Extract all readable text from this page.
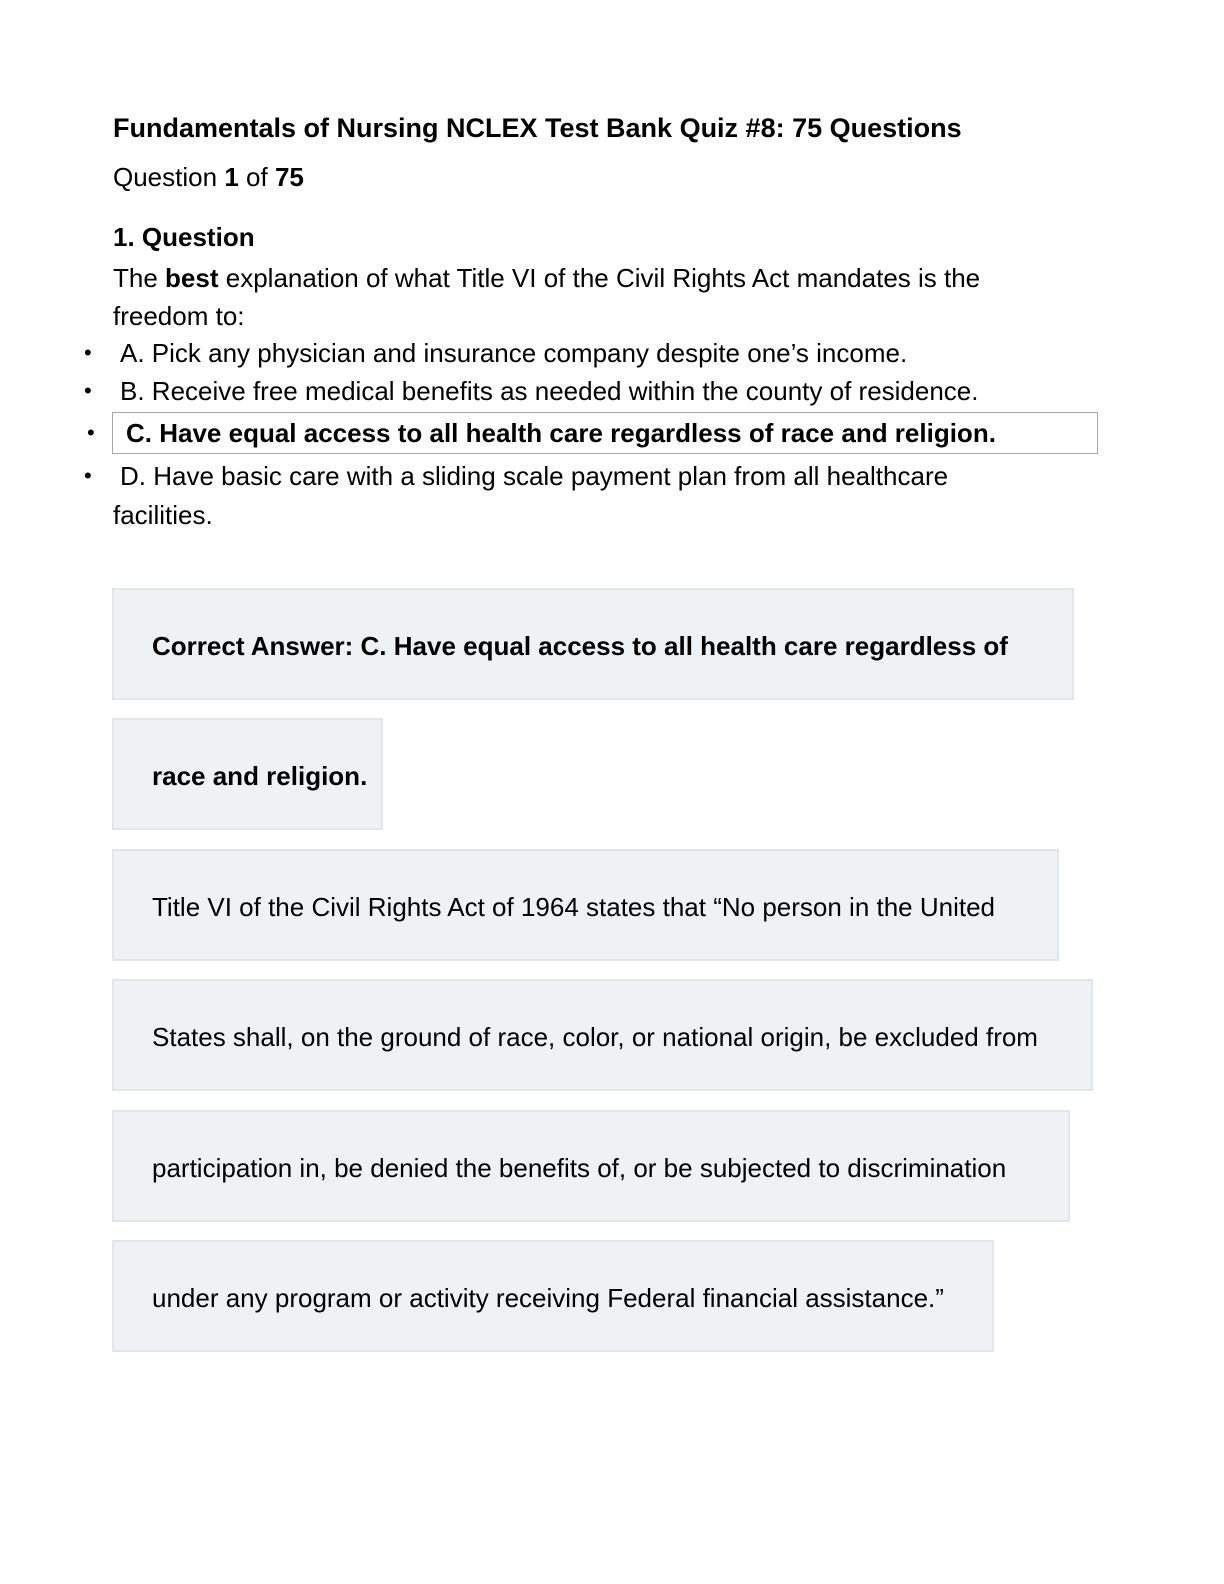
Fundamentals of Nursing NCLEX Test Bank Quiz #8: 75 Questions
Question 1 of 75
1. Question
The best explanation of what Title VI of the Civil Rights Act mandates is the
freedom to:
• A. Pick any physician and insurance company despite one’s income.
• B. Receive free medical benefits as needed within the county of residence.
• C. Have equal access to all health care regardless of race and religion.
• D. Have basic care with a sliding scale payment plan from all healthcare
facilities.
Correct Answer: C. Have equal access to all health care regardless of
race and religion.
Title VI of the Civil Rights Act of 1964 states that “No person in the United
States shall, on the ground of race, color, or national origin, be excluded from
participation in, be denied the benefits of, or be subjected to discrimination
under any program or activity receiving Federal financial assistance.”
